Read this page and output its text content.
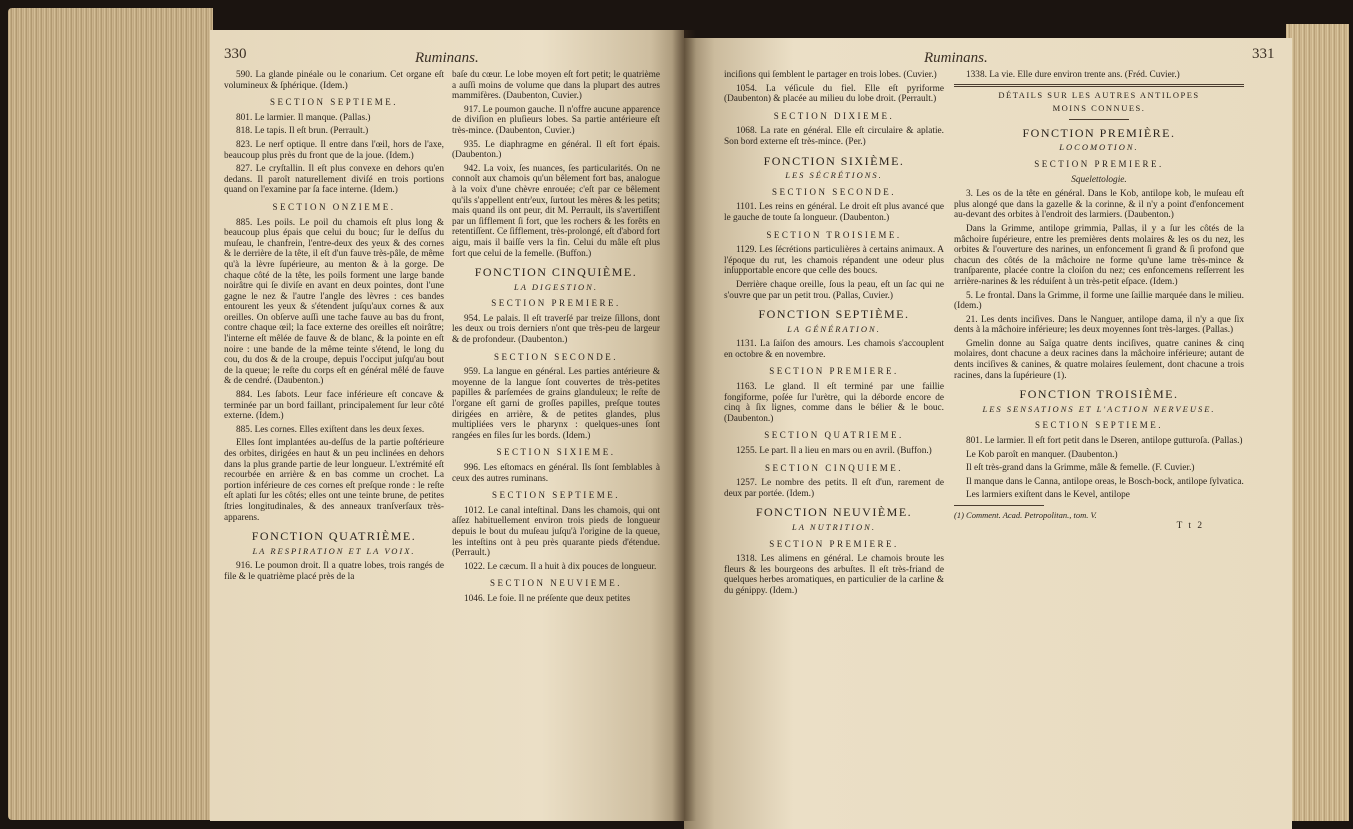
330	Ruminans.

590. La glande pinéale ou le conarium. Cet organe eſt volumineux & ſphérique. (Idem.)

SECTION SEPTIEME.

801. Le larmier. Il manque. (Pallas.)

818. Le tapis. Il eſt brun. (Perrault.)

823. Le nerf optique. Il entre dans l'œil, hors de l'axe, beaucoup plus près du front que de la joue. (Idem.)

827. Le cryſtallin. Il eſt plus convexe en dehors qu'en dedans. Il paroît naturellement diviſé en trois portions quand on l'examine par ſa face interne. (Idem.)

SECTION ONZIEME.

885. Les poils. Le poil du chamois eſt plus long & beaucoup plus épais que celui du bouc; ſur le deſſus du muſeau, le chanfrein, l'entre-deux des yeux & des cornes & le derrière de la tête, il eſt d'un fauve très-pâle, de même qu'à la lèvre ſupérieure, au menton & à la gorge. De chaque côté de la tête, les poils forment une large bande noirâtre qui ſe diviſe en avant en deux pointes, dont l'une gagne le nez & l'autre l'angle des lèvres : ces bandes entourent les yeux & s'étendent juſqu'aux cornes & aux oreilles. On obſerve auſſi une tache fauve au bas du front, contre chaque œil; la face externe des oreilles eſt noirâtre; l'interne eſt mêlée de fauve & de blanc, & la pointe en eſt noire : une bande de la même teinte s'étend, le long du cou, du dos & de la croupe, depuis l'occiput juſqu'au bout de la queue; le reſte du corps eſt en général mêlé de fauve & de cendré. (Daubenton.)

884. Les ſabots. Leur face inférieure eſt concave & terminée par un bord faillant, principalement ſur leur côté externe. (Idem.)

885. Les cornes. Elles exiſtent dans les deux ſexes.

Elles ſont implantées au-deſſus de la partie poſtérieure des orbites, dirigées en haut & un peu inclinées en dehors dans la plus grande partie de leur longueur. L'extrémité eſt recourbée en arrière & en bas comme un crochet. La portion inférieure de ces cornes eſt preſque ronde : le reſte eſt aplati ſur les côtés; elles ont une teinte brune, de petites ſtries longitudinales, & des anneaux tranſverſaux très-apparens.

FONCTION QUATRIÈME.
LA RESPIRATION ET LA VOIX.

916. Le poumon droit. Il a quatre lobes, trois rangés de file & le quatrième placé près de la

baſe du cœur. Le lobe moyen eſt fort petit; le quatrième a auſſi moins de volume que dans la plupart des autres mammifères. (Daubenton, Cuvier.)

917. Le poumon gauche. Il n'offre aucune apparence de diviſion en pluſieurs lobes. Sa partie antérieure eſt très-mince. (Daubenton, Cuvier.)

935. Le diaphragme en général. Il eſt fort épais. (Daubenton.)

942. La voix, ſes nuances, ſes particularités. On ne connoît aux chamois qu'un bêlement fort bas, analogue à la voix d'une chèvre enrouée; c'eſt par ce bêlement qu'ils s'appellent entr'eux, ſurtout les mères & les petits; mais quand ils ont peur, dit M. Perrault, ils s'avertiſſent par un ſifflement ſi fort, que les rochers & les forêts en retentiſſent. Ce ſifflement, très-prolongé, eſt d'abord fort aigu, mais il baiſſe vers la fin. Celui du mâle eſt plus fort que celui de la femelle. (Buffon.)

FONCTION CINQUIÈME.
LA DIGESTION.
SECTION PREMIERE.

954. Le palais. Il eſt traverſé par treize ſillons, dont les deux ou trois derniers n'ont que très-peu de largeur & de profondeur. (Daubenton.)

SECTION SECONDE.

959. La langue en général. Les parties antérieure & moyenne de la langue ſont couvertes de très-petites papilles & parſemées de grains glanduleux; le reſte de l'organe eſt garni de groſſes papilles, preſque toutes dirigées en arrière, & de petites glandes, plus multipliées vers le pharynx : quelques-unes ſont rangées en files ſur les bords. (Idem.)

SECTION SIXIEME.

996. Les eſtomacs en général. Ils ſont ſemblables à ceux des autres ruminans.

SECTION SEPTIEME.

1012. Le canal inteſtinal. Dans les chamois, qui ont aſſez habituellement environ trois pieds de longueur depuis le bout du muſeau juſqu'à l'origine de la queue, les inteſtins ont à peu près quarante pieds d'étendue. (Perrault.)

1022. Le cæcum. Il a huit à dix pouces de longueur.

SECTION NEUVIEME.

1046. Le foie. Il ne préſente que deux petites

Ruminans.	331

inciſions qui ſemblent le partager en trois lobes. (Cuvier.)

1054. La véſicule du fiel. Elle eſt pyriforme (Daubenton) & placée au milieu du lobe droit. (Perrault.)

SECTION DIXIEME.

1068. La rate en général. Elle eſt circulaire & aplatie. Son bord externe eſt très-mince. (Per.)

FONCTION SIXIÈME.
LES SÉCRÉTIONS.
SECTION SECONDE.

1101. Les reins en général. Le droit eſt plus avancé que le gauche de toute ſa longueur. (Daubenton.)

SECTION TROISIEME.

1129. Les ſécrétions particulières à certains animaux. A l'époque du rut, les chamois répandent une odeur plus inſupportable encore que celle des boucs.

Derrière chaque oreille, ſous la peau, eſt un ſac qui ne s'ouvre que par un petit trou. (Pallas, Cuvier.)

FONCTION SEPTIÈME.
LA GÉNÉRATION.

1131. La ſaiſon des amours. Les chamois s'accouplent en octobre & en novembre.

SECTION PREMIERE.

1163. Le gland. Il eſt terminé par une faillie fongiforme, poſée ſur l'urètre, qui la déborde encore de cinq à ſix lignes, comme dans le bélier & le bouc. (Daubenton.)

SECTION QUATRIEME.

1255. Le part. Il a lieu en mars ou en avril. (Buffon.)

SECTION CINQUIEME.

1257. Le nombre des petits. Il eſt d'un, rarement de deux par portée. (Idem.)

FONCTION NEUVIÈME.
LA NUTRITION.
SECTION PREMIERE.

1318. Les alimens en général. Le chamois broute les fleurs & les bourgeons des arbuſtes. Il eſt très-friand de quelques herbes aromatiques, en particulier de la carline & du génippy. (Idem.)

1338. La vie. Elle dure environ trente ans. (Fréd. Cuvier.)

DÉTAILS SUR LES AUTRES ANTILOPES
MOINS CONNUES.
FONCTION PREMIÈRE.
LOCOMOTION.
SECTION PREMIERE.
Squelettologie.

3. Les os de la tête en général. Dans le Kob, antilope kob, le muſeau eſt plus alongé que dans la gazelle & la corinne, & il n'y a point d'enfoncement au-devant des orbites à l'endroit des larmiers. (Daubenton.)

Dans la Grimme, antilope grimmia, Pallas, il y a ſur les côtés de la mâchoire ſupérieure, entre les premières dents molaires & les os du nez, les orbites & l'ouverture des narines, un enfoncement ſi grand & ſi profond que chacun des côtés de la mâchoire ne forme qu'une lame très-mince & tranſparente, placée contre la cloiſon du nez; ces enfoncemens reſſerrent les arrière-narines & les réduiſent à un très-petit eſpace. (Idem.)

5. Le frontal. Dans la Grimme, il forme une ſaillie marquée dans le milieu. (Idem.)

21. Les dents inciſives. Dans le Nanguer, antilope dama, il n'y a que ſix dents à la mâchoire inférieure; les deux moyennes ſont très-larges. (Pallas.)

Gmelin donne au Saïga quatre dents inciſives, quatre canines & cinq molaires, dont chacune a deux racines dans la mâchoire inférieure; autant de dents inciſives & canines, & quatre molaires ſeulement, dont chacune a trois racines, dans la ſupérieure (1).

FONCTION TROISIÈME.
LES SENSATIONS ET L'ACTION NERVEUSE.
SECTION SEPTIEME.

801. Le larmier. Il eſt fort petit dans le Dseren, antilope gutturoſa. (Pallas.)

Le Kob paroît en manquer. (Daubenton.)

Il eſt très-grand dans la Grimme, mâle & femelle. (F. Cuvier.)

Il manque dans le Canna, antilope oreas, le Bosch-bock, antilope ſylvatica.

Les larmiers exiſtent dans le Kevel, antilope

(1) Comment. Acad. Petropolitan., tom. V.
T t 2
